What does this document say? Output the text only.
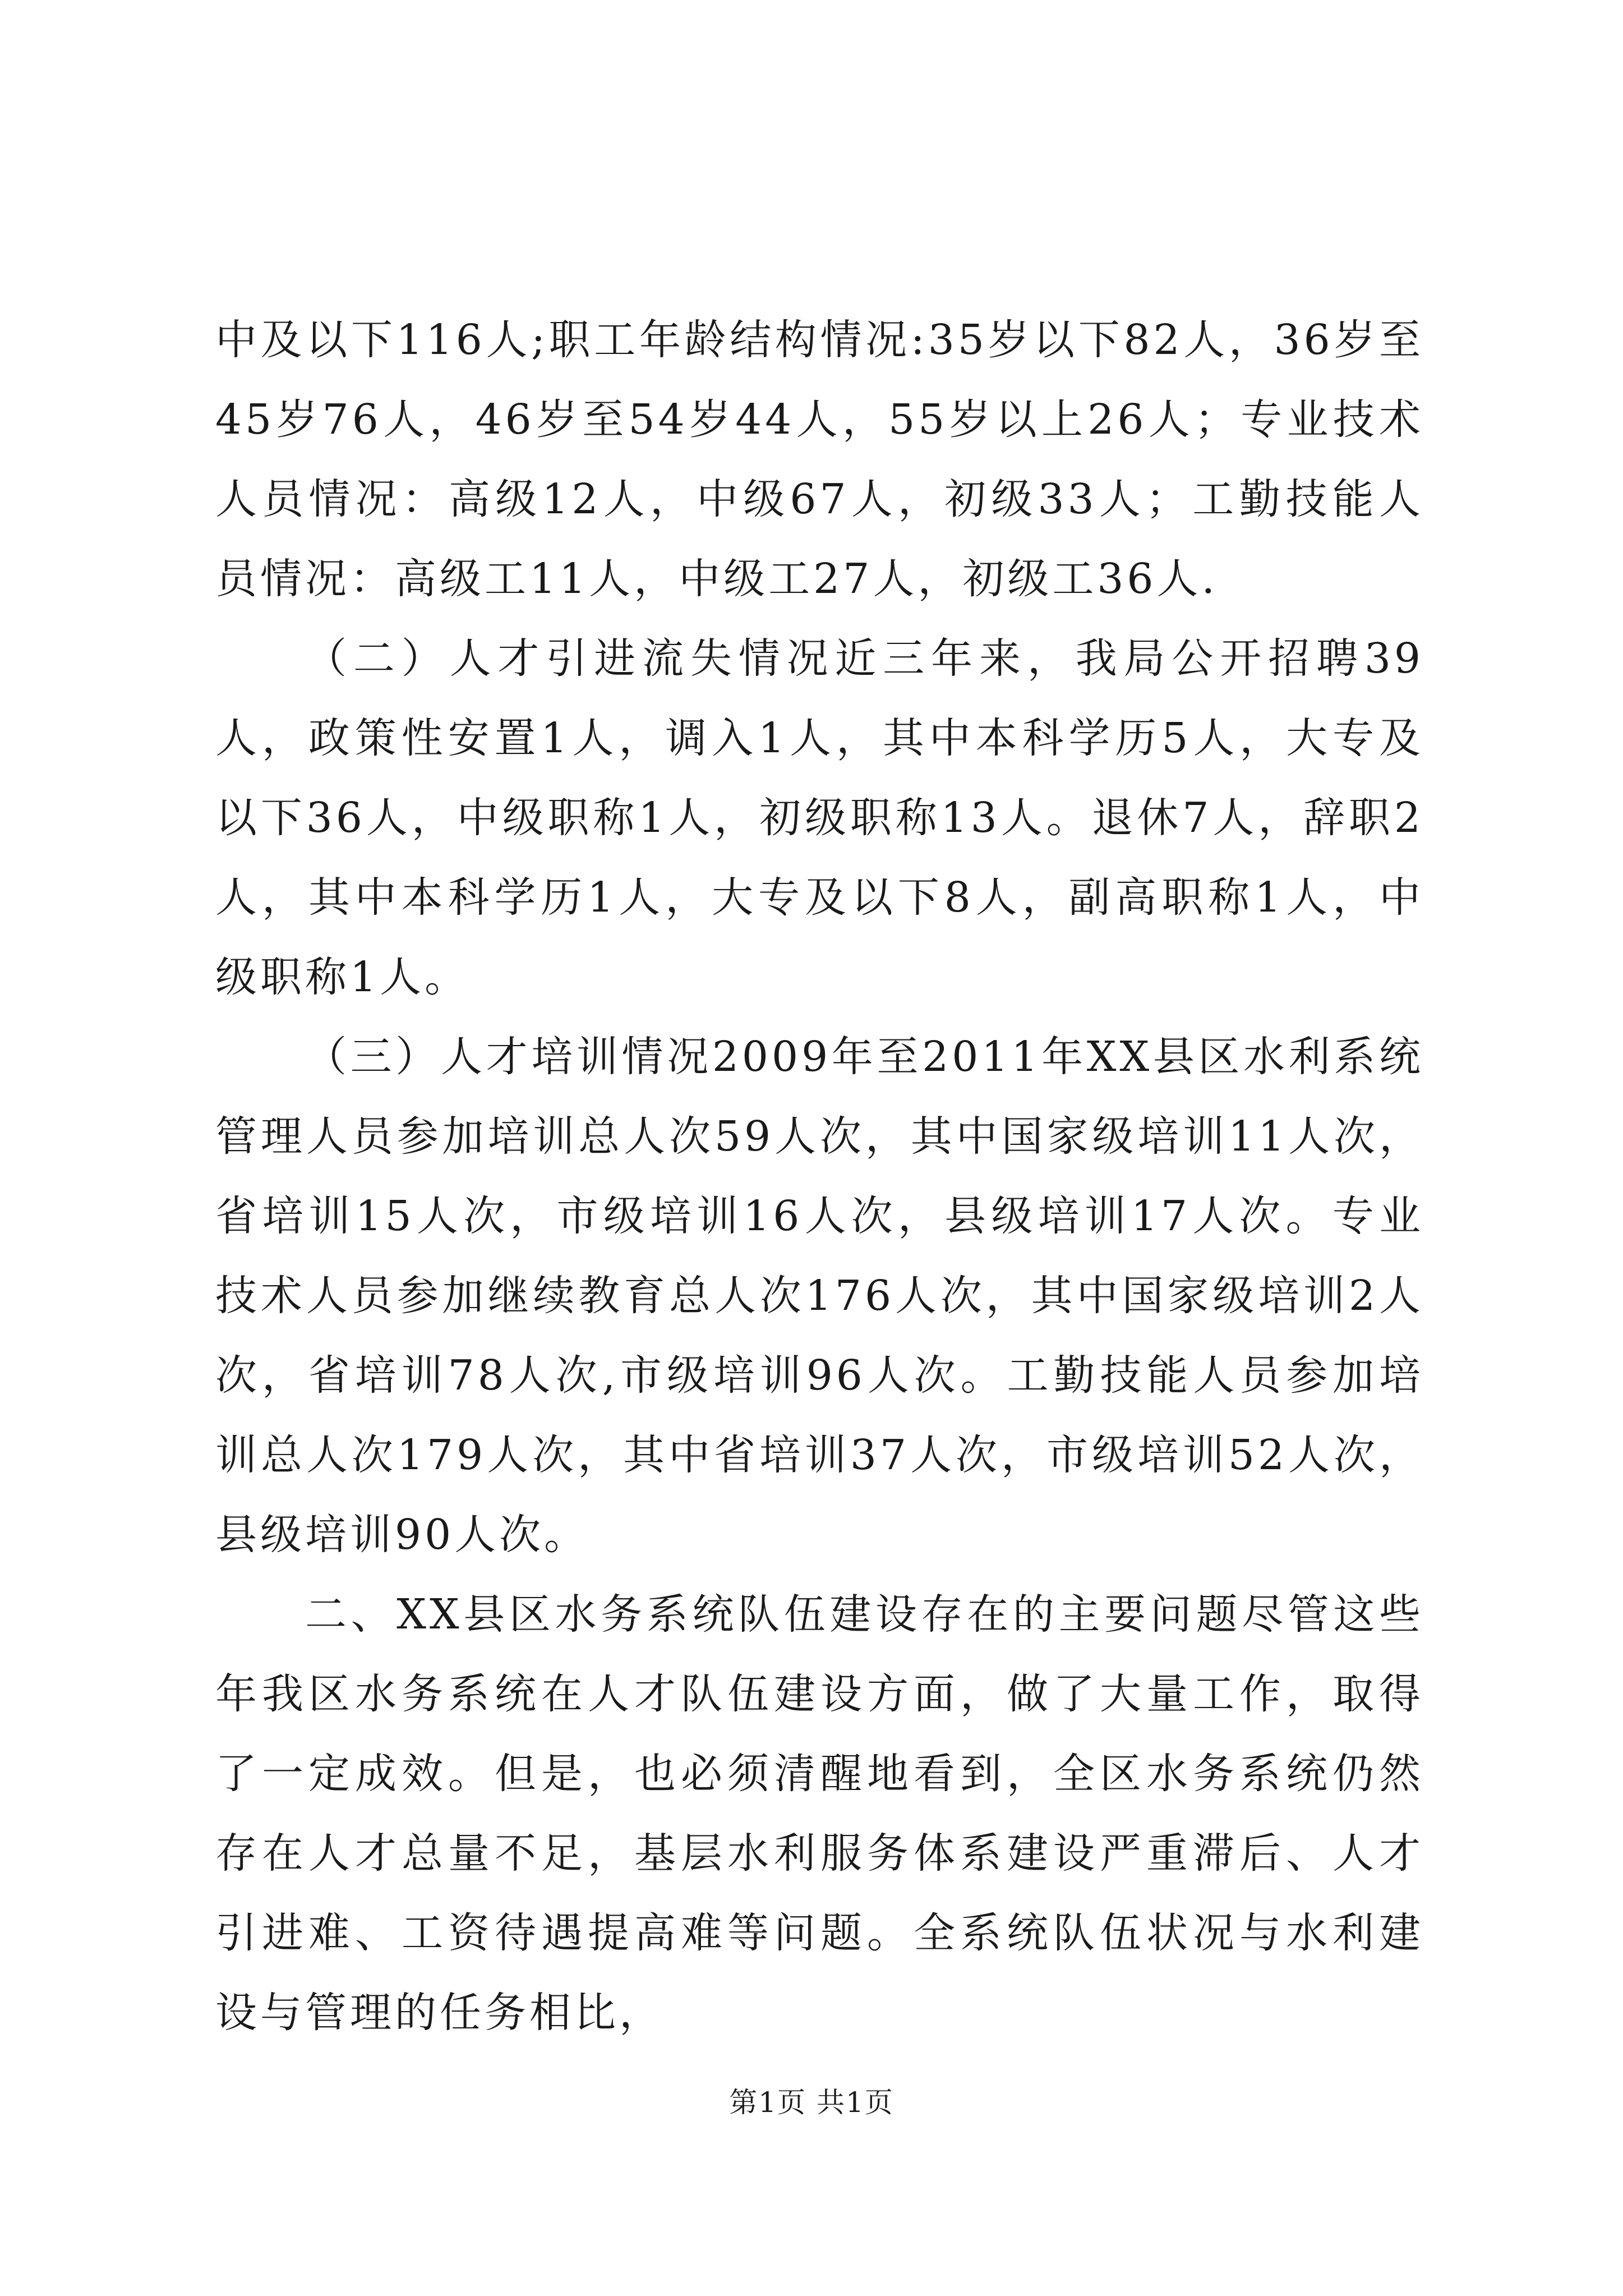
中及以下116人;职工年龄结构情况:35岁以下82人，36岁至45岁76人，46岁至54岁44人，55岁以上26人；专业技术人员情况：高级12人，中级67人，初级33人；工勤技能人员情况：高级工11人，中级工27人，初级工36人.

（二）人才引进流失情况近三年来，我局公开招聘39人，政策性安置1人，调入1人，其中本科学历5人，大专及以下36人，中级职称1人，初级职称13人。退休7人，辞职2人，其中本科学历1人，大专及以下8人，副高职称1人，中级职称1人。

（三）人才培训情况2009年至2011年XX县区水利系统管理人员参加培训总人次59人次，其中国家级培训11人次，省培训15人次，市级培训16人次，县级培训17人次。专业技术人员参加继续教育总人次176人次，其中国家级培训2人次，省培训78人次,市级培训96人次。工勤技能人员参加培训总人次179人次，其中省培训37人次，市级培训52人次，县级培训90人次。

二、XX县区水务系统队伍建设存在的主要问题尽管这些年我区水务系统在人才队伍建设方面，做了大量工作，取得了一定成效。但是，也必须清醒地看到，全区水务系统仍然存在人才总量不足，基层水利服务体系建设严重滞后、人才引进难、工资待遇提高难等问题。全系统队伍状况与水利建设与管理的任务相比，

第1页 共1页
